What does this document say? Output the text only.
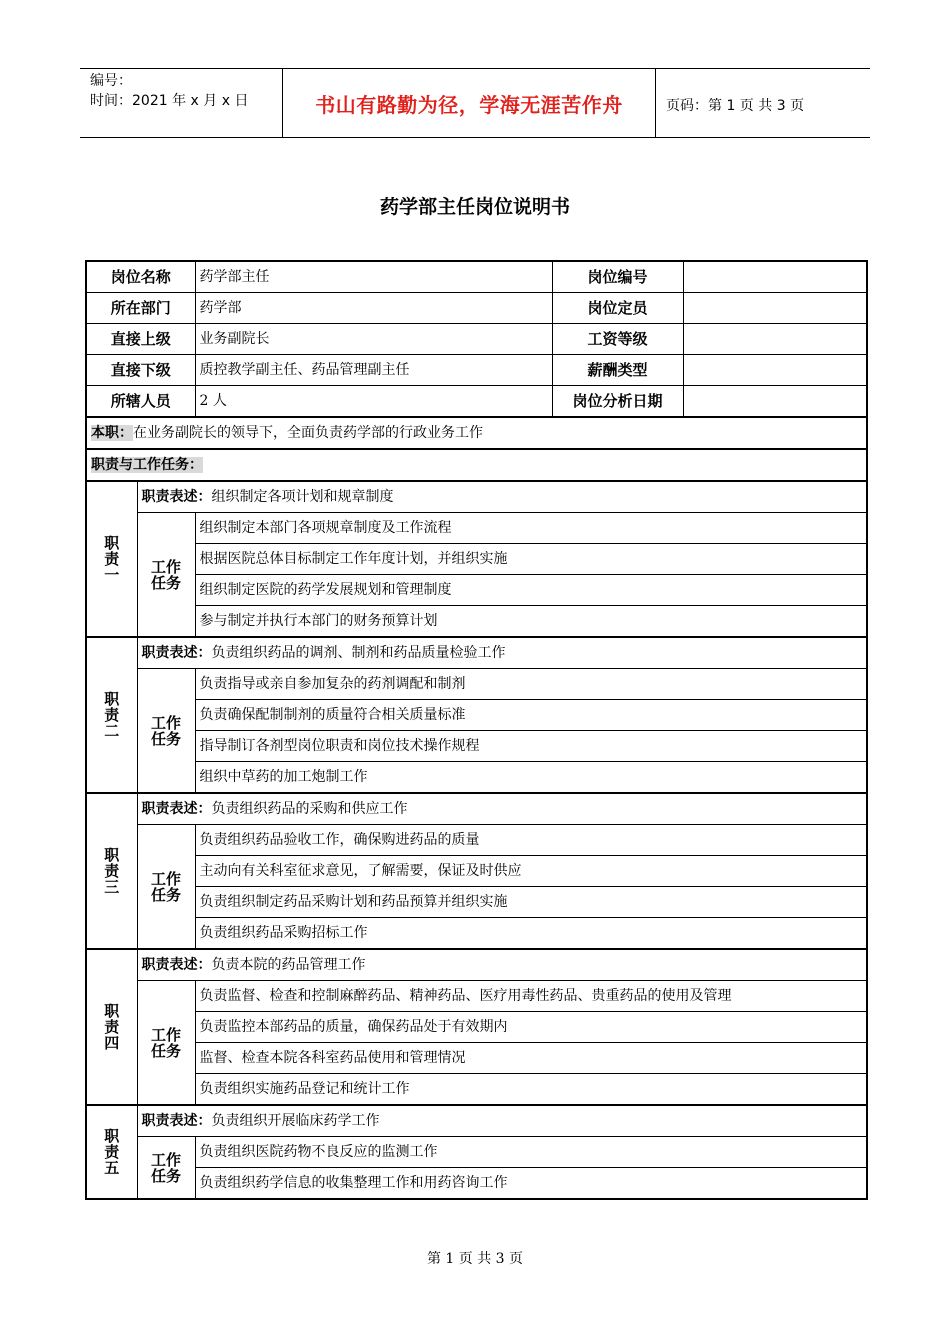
编号：
时间：2021 年 x 月 x 日	书山有路勤为径，学海无涯苦作舟	页码：第 1 页 共 3 页
药学部主任岗位说明书
岗位名称		药学部主任	岗位编号	
所在部门		药学部	岗位定员	
直接上级		业务副院长	工资等级	
直接下级		质控教学副主任、药品管理副主任	薪酬类型	
所辖人员		2 人	岗位分析日期	
本职：在业务副院长的领导下，全面负责药学部的行政业务工作				
职责与工作任务：				

职
责
一	职责表述：组织制定各项计划和规章制度			

	工作
任务	组织制定本部门各项规章制度及工作流程		
		根据医院总体目标制定工作年度计划，并组织实施		
		组织制定医院的药学发展规划和管理制度		
		参与制定并执行本部门的财务预算计划		

职
责
二	职责表述：负责组织药品的调剂、制剂和药品质量检验工作			

	工作
任务	负责指导或亲自参加复杂的药剂调配和制剂		
		负责确保配制制剂的质量符合相关质量标准		
		指导制订各剂型岗位职责和岗位技术操作规程		
		组织中草药的加工炮制工作		

职
责
三	职责表述：负责组织药品的采购和供应工作			

	工作
任务	负责组织药品验收工作，确保购进药品的质量		
		主动向有关科室征求意见，了解需要，保证及时供应		
		负责组织制定药品采购计划和药品预算并组织实施		
		负责组织药品采购招标工作		

职
责
四	职责表述：负责本院的药品管理工作			

	工作
任务	负责监督、检查和控制麻醉药品、精神药品、医疗用毒性药品、贵重药品的使用及管理		
		负责监控本部药品的质量，确保药品处于有效期内		
		监督、检查本院各科室药品使用和管理情况		
		负责组织实施药品登记和统计工作		

职
责
五	职责表述：负责组织开展临床药学工作			

	工作
任务	负责组织医院药物不良反应的监测工作		
		负责组织药学信息的收集整理工作和用药咨询工作		
第 1 页 共 3 页
